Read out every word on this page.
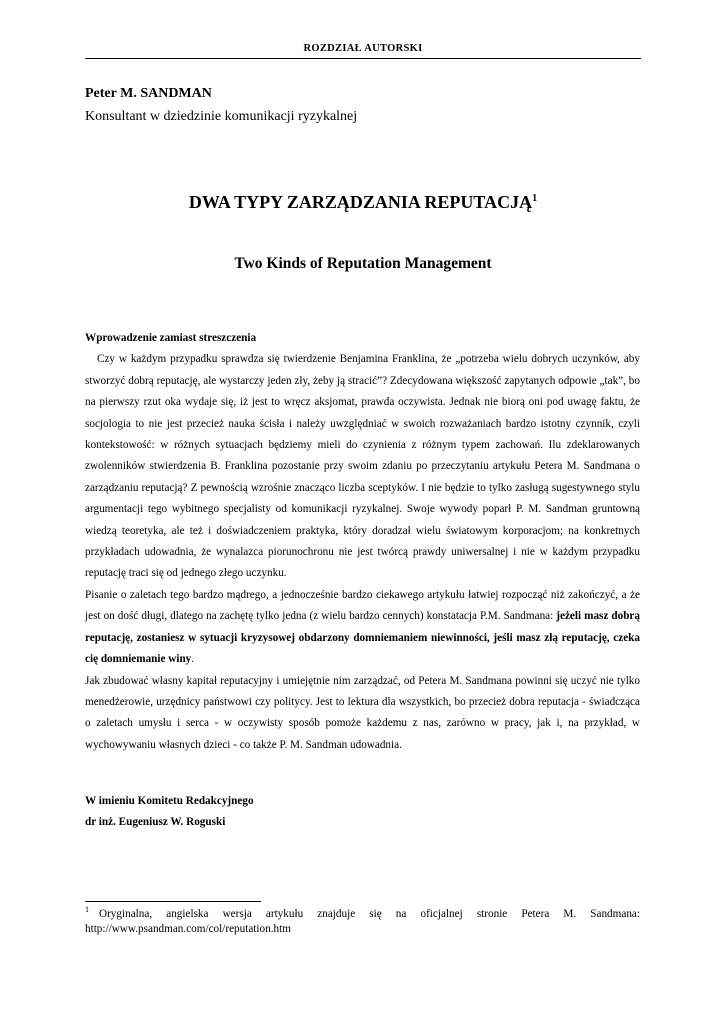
ROZDZIAŁ AUTORSKI
Peter M. SANDMAN
Konsultant w dziedzinie komunikacji ryzykalnej
DWA TYPY ZARZĄDZANIA REPUTACJĄ$^1$
Two Kinds of Reputation Management
Wprowadzenie zamiast streszczenia

Czy w każdym przypadku sprawdza się twierdzenie Benjamina Franklina, że „potrzeba wielu dobrych uczynków, aby stworzyć dobrą reputację, ale wystarczy jeden zły, żeby ją stracić”? Zdecydowana większość zapytanych odpowie „tak”, bo na pierwszy rzut oka wydaje się, iż jest to wręcz aksjomat, prawda oczywista. Jednak nie biorą oni pod uwagę faktu, że socjologia to nie jest przecież nauka ścisła i należy uwzględniać w swoich rozważaniach bardzo istotny czynnik, czyli kontekstowość: w różnych sytuacjach będziemy mieli do czynienia z różnym typem zachowań. Ilu zdeklarowanych zwolenników stwierdzenia B. Franklina pozostanie przy swoim zdaniu po przeczytaniu artykułu Petera M. Sandmana o zarządzaniu reputacją? Z pewnością wzrośnie znacząco liczba sceptyków. I nie będzie to tylko zasługą sugestywnego stylu argumentacji tego wybitnego specjalisty od komunikacji ryzykalnej. Swoje wywody poparł P. M. Sandman gruntowną wiedzą teoretyka, ale też i doświadczeniem praktyka, który doradzał wielu światowym korporacjom; na konkretnych przykładach udowadnia, że wynalazca piorunochronu nie jest twórcą prawdy uniwersalnej i nie w każdym przypadku reputację traci się od jednego złego uczynku.

Pisanie o zaletach tego bardzo mądrego, a jednocześnie bardzo ciekawego artykułu łatwiej rozpocząć niż zakończyć, a że jest on dość długi, dlatego na zachętę tylko jedna (z wielu bardzo cennych) konstatacja P.M. Sandmana: jeżeli masz dobrą reputację, zostaniesz w sytuacji kryzysowej obdarzony domniemaniem niewinności, jeśli masz złą reputację, czeka cię domniemanie winy.

Jak zbudować własny kapitał reputacyjny i umiejętnie nim zarządzać, od Petera M. Sandmana powinni się uczyć nie tylko menedżerowie, urzędnicy państwowi czy politycy. Jest to lektura dla wszystkich, bo przecież dobra reputacja - świadcząca o zaletach umysłu i serca - w oczywisty sposób pomoże każdemu z nas, zarówno w pracy, jak i, na przykład, w wychowywaniu własnych dzieci - co także P. M. Sandman udowadnia.

W imieniu Komitetu Redakcyjnego
dr inż. Eugeniusz W. Roguski
$^1$ Oryginalna, angielska wersja artykułu znajduje się na oficjalnej stronie Petera M. Sandmana: http://www.psandman.com/col/reputation.htm
